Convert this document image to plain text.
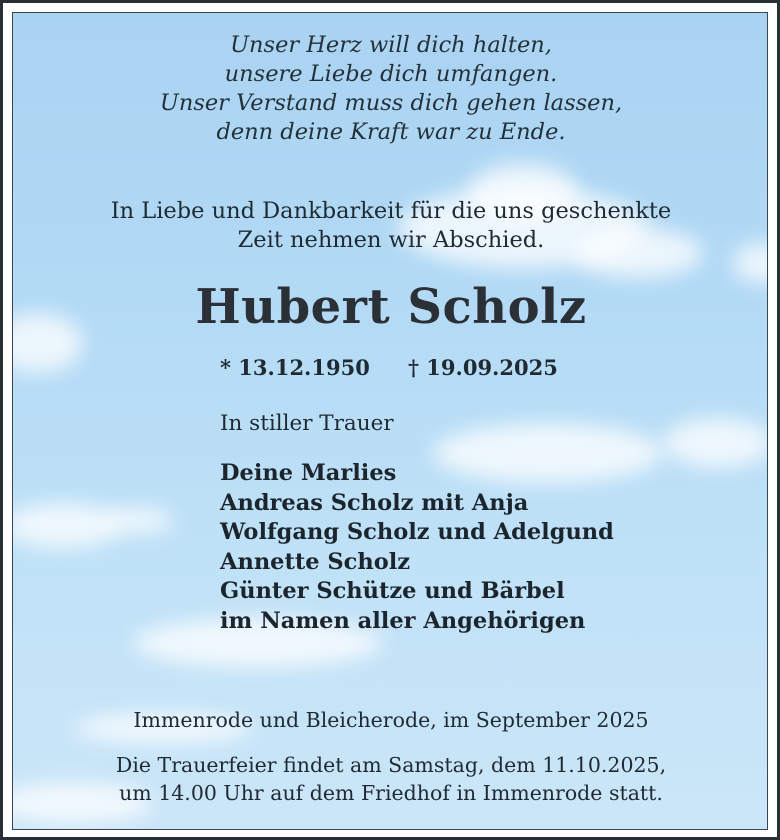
Unser Herz will dich halten,
unsere Liebe dich umfangen.
Unser Verstand muss dich gehen lassen,
denn deine Kraft war zu Ende.
In Liebe und Dankbarkeit für die uns geschenkte
Zeit nehmen wir Abschied.
Hubert Scholz
* 13.12.1950 † 19.09.2025
In stiller Trauer
Deine Marlies
Andreas Scholz mit Anja
Wolfgang Scholz und Adelgund
Annette Scholz
Günter Schütze und Bärbel
im Namen aller Angehörigen
Immenrode und Bleicherode, im September 2025
Die Trauerfeier findet am Samstag, dem 11.10.2025,
um 14.00 Uhr auf dem Friedhof in Immenrode statt.
